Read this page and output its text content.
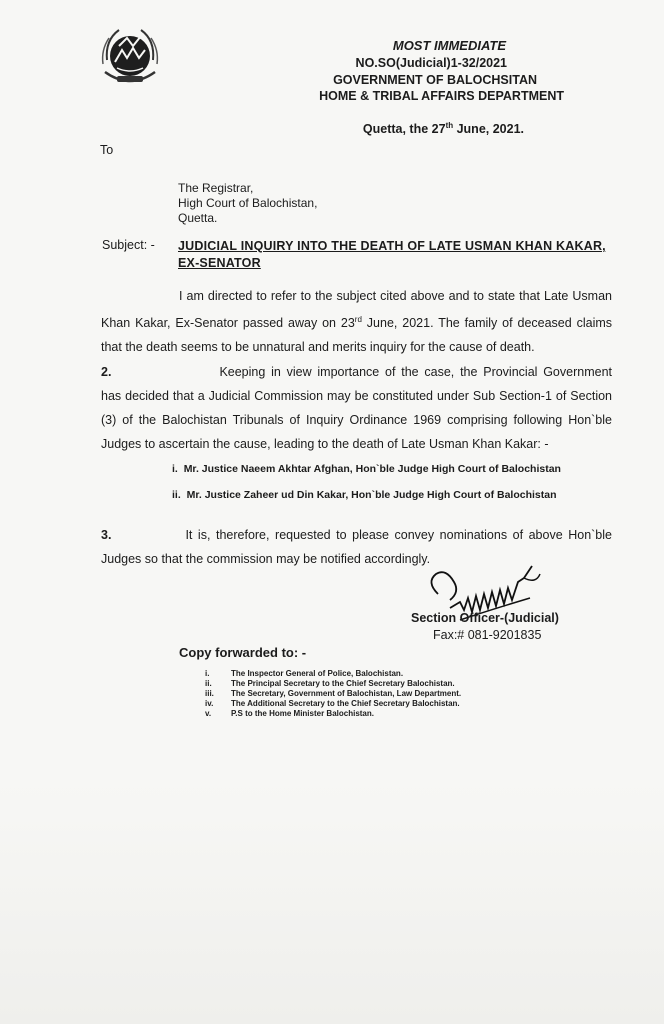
MOST IMMEDIATE
NO.SO(Judicial)1-32/2021
GOVERNMENT OF BALOCHSITAN
HOME & TRIBAL AFFAIRS DEPARTMENT
Quetta, the 27th June, 2021.
To
The Registrar,
High Court of Balochistan,
Quetta.
Subject: - JUDICIAL INQUIRY INTO THE DEATH OF LATE USMAN KHAN KAKAR, EX-SENATOR
I am directed to refer to the subject cited above and to state that Late Usman Khan Kakar, Ex-Senator passed away on 23rd June, 2021. The family of deceased claims that the death seems to be unnatural and merits inquiry for the cause of death.
2.	Keeping in view importance of the case, the Provincial Government has decided that a Judicial Commission may be constituted under Sub Section-1 of Section (3) of the Balochistan Tribunals of Inquiry Ordinance 1969 comprising following Hon`ble Judges to ascertain the cause, leading to the death of Late Usman Khan Kakar: -
i. Mr. Justice Naeem Akhtar Afghan, Hon`ble Judge High Court of Balochistan
ii. Mr. Justice Zaheer ud Din Kakar, Hon`ble Judge High Court of Balochistan
3.	It is, therefore, requested to please convey nominations of above Hon`ble Judges so that the commission may be notified accordingly.
Section Officer-(Judicial)
Fax:# 081-9201835
Copy forwarded to: -
i.	The Inspector General of Police, Balochistan.
ii. The Principal Secretary to the Chief Secretary Balochistan.
iii. The Secretary, Government of Balochistan, Law Department.
iv. The Additional Secretary to the Chief Secretary Balochistan.
v. P.S to the Home Minister Balochistan.
